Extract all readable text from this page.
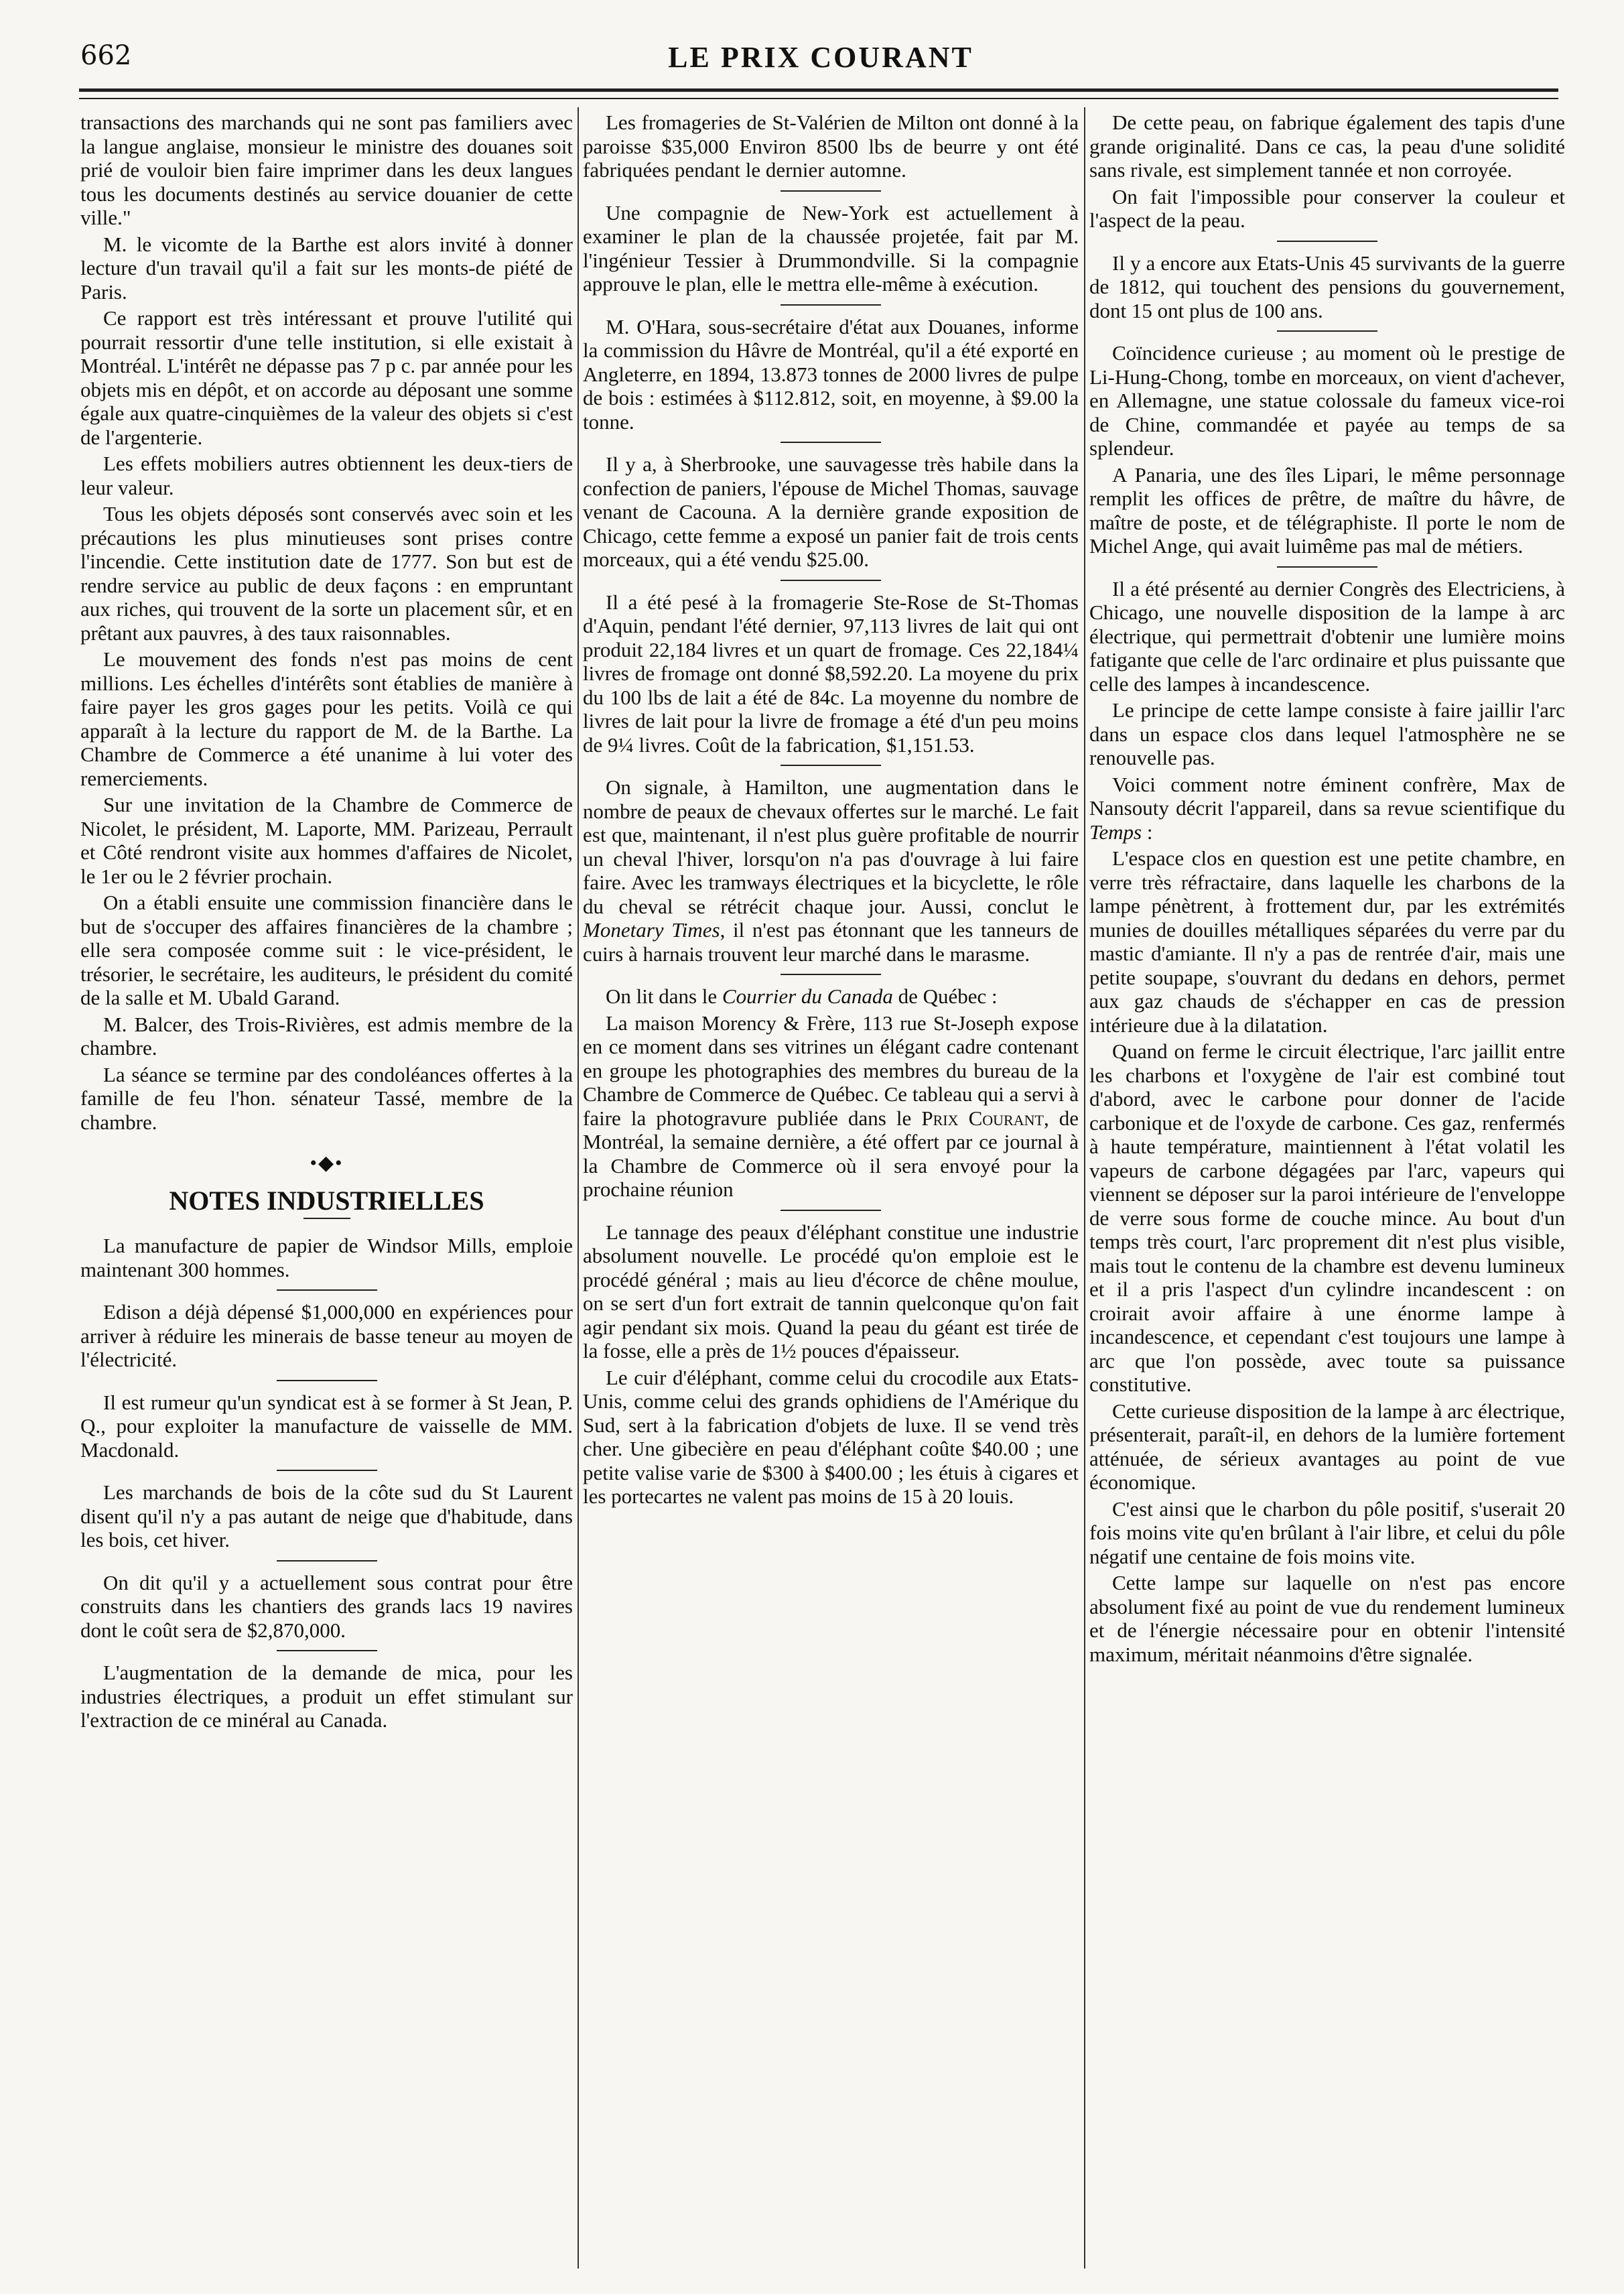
662	LE PRIX COURANT

transactions des marchands qui ne sont pas familiers avec la langue anglaise, monsieur le ministre des douanes soit prié de vouloir bien faire imprimer dans les deux langues tous les documents destinés au service douanier de cette ville."

M. le vicomte de la Barthe est alors invité à donner lecture d'un travail qu'il a fait sur les monts-de piété de Paris.

Ce rapport est très intéressant et prouve l'utilité qui pourrait ressortir d'une telle institution, si elle existait à Montréal. L'intérêt ne dépasse pas 7 p c. par année pour les objets mis en dépôt, et on accorde au déposant une somme égale aux quatre-cinquièmes de la valeur des objets si c'est de l'argenterie.

Les effets mobiliers autres obtiennent les deux-tiers de leur valeur.

Tous les objets déposés sont conservés avec soin et les précautions les plus minutieuses sont prises contre l'incendie. Cette institution date de 1777. Son but est de rendre service au public de deux façons : en empruntant aux riches, qui trouvent de la sorte un placement sûr, et en prêtant aux pauvres, à des taux raisonnables.

Le mouvement des fonds n'est pas moins de cent millions. Les échelles d'intérêts sont établies de manière à faire payer les gros gages pour les petits. Voilà ce qui apparaît à la lecture du rapport de M. de la Barthe. La Chambre de Commerce a été unanime à lui voter des remerciements.

Sur une invitation de la Chambre de Commerce de Nicolet, le président, M. Laporte, MM. Parizeau, Perrault et Côté rendront visite aux hommes d'affaires de Nicolet, le 1er ou le 2 février prochain.

On a établi ensuite une commission financière dans le but de s'occuper des affaires financières de la chambre ; elle sera composée comme suit : le vice-président, le trésorier, le secrétaire, les auditeurs, le président du comité de la salle et M. Ubald Garand.

M. Balcer, des Trois-Rivières, est admis membre de la chambre.

La séance se termine par des condoléances offertes à la famille de feu l'hon. sénateur Tassé, membre de la chambre.

•◆•
NOTES INDUSTRIELLES

La manufacture de papier de Windsor Mills, emploie maintenant 300 hommes.

Edison a déjà dépensé $1,000,000 en expériences pour arriver à réduire les minerais de basse teneur au moyen de l'électricité.

Il est rumeur qu'un syndicat est à se former à St Jean, P. Q., pour exploiter la manufacture de vaisselle de MM. Macdonald.

Les marchands de bois de la côte sud du St Laurent disent qu'il n'y a pas autant de neige que d'habitude, dans les bois, cet hiver.

On dit qu'il y a actuellement sous contrat pour être construits dans les chantiers des grands lacs 19 navires dont le coût sera de $2,870,000.

L'augmentation de la demande de mica, pour les industries électriques, a produit un effet stimulant sur l'extraction de ce minéral au Canada.

Les fromageries de St-Valérien de Milton ont donné à la paroisse $35,000 Environ 8500 lbs de beurre y ont été fabriquées pendant le dernier automne.

Une compagnie de New-York est actuellement à examiner le plan de la chaussée projetée, fait par M. l'ingénieur Tessier à Drummondville. Si la compagnie approuve le plan, elle le mettra elle-même à exécution.

M. O'Hara, sous-secrétaire d'état aux Douanes, informe la commission du Hâvre de Montréal, qu'il a été exporté en Angleterre, en 1894, 13.873 tonnes de 2000 livres de pulpe de bois : estimées à $112.812, soit, en moyenne, à $9.00 la tonne.

Il y a, à Sherbrooke, une sauvagesse très habile dans la confection de paniers, l'épouse de Michel Thomas, sauvage venant de Cacouna. A la dernière grande exposition de Chicago, cette femme a exposé un panier fait de trois cents morceaux, qui a été vendu $25.00.

Il a été pesé à la fromagerie Ste-Rose de St-Thomas d'Aquin, pendant l'été dernier, 97,113 livres de lait qui ont produit 22,184 livres et un quart de fromage. Ces 22,184¼ livres de fromage ont donné $8,592.20. La moyene du prix du 100 lbs de lait a été de 84c. La moyenne du nombre de livres de lait pour la livre de fromage a été d'un peu moins de 9¼ livres. Coût de la fabrication, $1,151.53.

On signale, à Hamilton, une augmentation dans le nombre de peaux de chevaux offertes sur le marché. Le fait est que, maintenant, il n'est plus guère profitable de nourrir un cheval l'hiver, lorsqu'on n'a pas d'ouvrage à lui faire faire. Avec les tramways électriques et la bicyclette, le rôle du cheval se rétrécit chaque jour. Aussi, conclut le Monetary Times, il n'est pas étonnant que les tanneurs de cuirs à harnais trouvent leur marché dans le marasme.

On lit dans le Courrier du Canada de Québec :

La maison Morency & Frère, 113 rue St-Joseph expose en ce moment dans ses vitrines un élégant cadre contenant en groupe les photographies des membres du bureau de la Chambre de Commerce de Québec. Ce tableau qui a servi à faire la photogravure publiée dans le Prix Courant, de Montréal, la semaine dernière, a été offert par ce journal à la Chambre de Commerce où il sera envoyé pour la prochaine réunion

Le tannage des peaux d'éléphant constitue une industrie absolument nouvelle. Le procédé qu'on emploie est le procédé général ; mais au lieu d'écorce de chêne moulue, on se sert d'un fort extrait de tannin quelconque qu'on fait agir pendant six mois. Quand la peau du géant est tirée de la fosse, elle a près de 1½ pouces d'épaisseur.

Le cuir d'éléphant, comme celui du crocodile aux Etats-Unis, comme celui des grands ophidiens de l'Amérique du Sud, sert à la fabrication d'objets de luxe. Il se vend très cher. Une gibecière en peau d'éléphant coûte $40.00 ; une petite valise varie de $300 à $400.00 ; les étuis à cigares et les portecartes ne valent pas moins de 15 à 20 louis.

De cette peau, on fabrique également des tapis d'une grande originalité. Dans ce cas, la peau d'une solidité sans rivale, est simplement tannée et non corroyée.

On fait l'impossible pour conserver la couleur et l'aspect de la peau.

Il y a encore aux Etats-Unis 45 survivants de la guerre de 1812, qui touchent des pensions du gouvernement, dont 15 ont plus de 100 ans.

Coïncidence curieuse ; au moment où le prestige de Li-Hung-Chong, tombe en morceaux, on vient d'achever, en Allemagne, une statue colossale du fameux vice-roi de Chine, commandée et payée au temps de sa splendeur.

A Panaria, une des îles Lipari, le même personnage remplit les offices de prêtre, de maître du hâvre, de maître de poste, et de télégraphiste. Il porte le nom de Michel Ange, qui avait luimême pas mal de métiers.

Il a été présenté au dernier Congrès des Electriciens, à Chicago, une nouvelle disposition de la lampe à arc électrique, qui permettrait d'obtenir une lumière moins fatigante que celle de l'arc ordinaire et plus puissante que celle des lampes à incandescence.

Le principe de cette lampe consiste à faire jaillir l'arc dans un espace clos dans lequel l'atmosphère ne se renouvelle pas.

Voici comment notre éminent confrère, Max de Nansouty décrit l'appareil, dans sa revue scientifique du Temps :

L'espace clos en question est une petite chambre, en verre très réfractaire, dans laquelle les charbons de la lampe pénètrent, à frottement dur, par les extrémités munies de douilles métalliques séparées du verre par du mastic d'amiante. Il n'y a pas de rentrée d'air, mais une petite soupape, s'ouvrant du dedans en dehors, permet aux gaz chauds de s'échapper en cas de pression intérieure due à la dilatation.

Quand on ferme le circuit électrique, l'arc jaillit entre les charbons et l'oxygène de l'air est combiné tout d'abord, avec le carbone pour donner de l'acide carbonique et de l'oxyde de carbone. Ces gaz, renfermés à haute température, maintiennent à l'état volatil les vapeurs de carbone dégagées par l'arc, vapeurs qui viennent se déposer sur la paroi intérieure de l'enveloppe de verre sous forme de couche mince. Au bout d'un temps très court, l'arc proprement dit n'est plus visible, mais tout le contenu de la chambre est devenu lumineux et il a pris l'aspect d'un cylindre incandescent : on croirait avoir affaire à une énorme lampe à incandescence, et cependant c'est toujours une lampe à arc que l'on possède, avec toute sa puissance constitutive.

Cette curieuse disposition de la lampe à arc électrique, présenterait, paraît-il, en dehors de la lumière fortement atténuée, de sérieux avantages au point de vue économique.

C'est ainsi que le charbon du pôle positif, s'userait 20 fois moins vite qu'en brûlant à l'air libre, et celui du pôle négatif une centaine de fois moins vite.

Cette lampe sur laquelle on n'est pas encore absolument fixé au point de vue du rendement lumineux et de l'énergie nécessaire pour en obtenir l'intensité maximum, méritait néanmoins d'être signalée.
